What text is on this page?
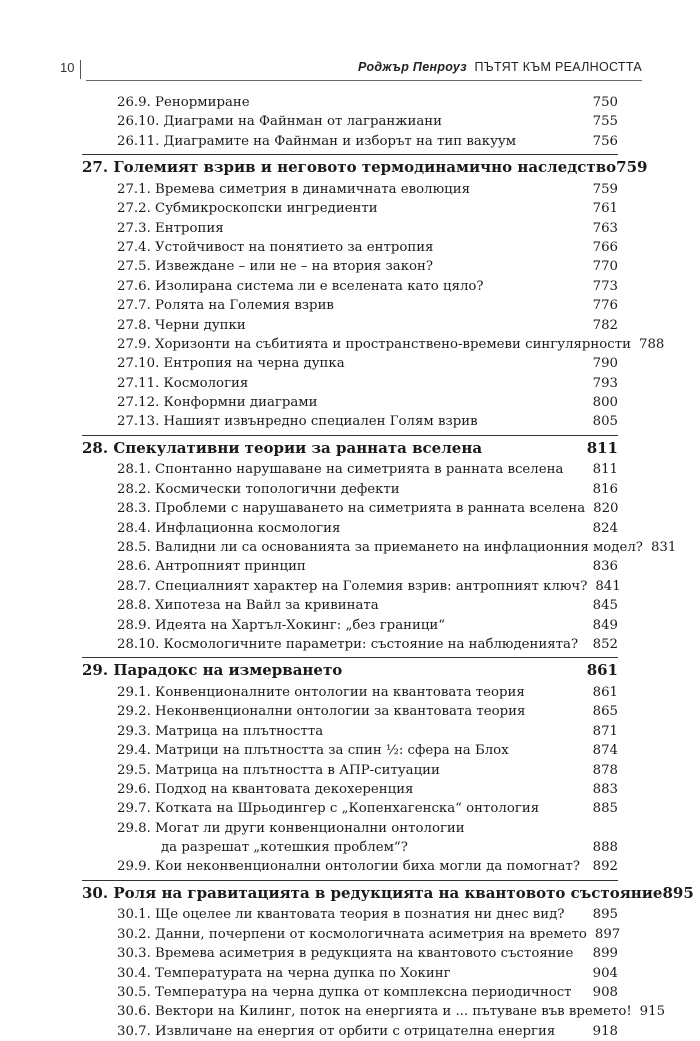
10	Роджър Пенроуз ПЪТЯТ КЪМ РЕАЛНОСТТА
26.9. Ренормиране	750
26.10. Диаграми на Файнман от лагранжиани	755
26.11. Диаграмите на Файнман и изборът на тип вакуум	756
27. Големият взрив и неговото термодинамично наследство 759
27.1. Времева симетрия в динамичната еволюция	759
27.2. Субмикроскопски ингредиенти	761
27.3. Ентропия	763
27.4. Устойчивост на понятието за ентропия	766
27.5. Извеждане – или не – на втория закон?	770
27.6. Изолирана система ли е вселената като цяло?	773
27.7. Ролята на Големия взрив	776
27.8. Черни дупки	782
27.9. Хоризонти на събитията и пространствено-времеви сингулярности 788
27.10. Ентропия на черна дупка	790
27.11. Космология	793
27.12. Конформни диаграми	800
27.13. Нашият извънредно специален Голям взрив	805
28. Спекулативни теории за ранната вселена	811
28.1. Спонтанно нарушаване на симетрията в ранната вселена	811
28.2. Космически топологични дефекти	816
28.3. Проблеми с нарушаването на симетрията в ранната вселена 820
28.4. Инфлационна космология	824
28.5. Валидни ли са основанията за приемането на инфлационния модел? 831
28.6. Антропният принцип	836
28.7. Специалният характер на Големия взрив: антропният ключ? 841
28.8. Хипотеза на Вайл за кривината	845
28.9. Идеята на Хартъл-Хокинг: „без граници“	849
28.10. Космологичните параметри: състояние на наблюденията?	852
29. Парадокс на измерването	861
29.1. Конвенционалните онтологии на квантовата теория	861
29.2. Неконвенционални онтологии за квантовата теория	865
29.3. Матрица на плътността	871
29.4. Матрици на плътността за спин ½: сфера на Блох	874
29.5. Матрица на плътността в АПР-ситуации	878
29.6. Подход на квантовата декохеренция	883
29.7. Котката на Шрьодингер с „Копенхагенска“ онтология	885
29.8. Могат ли други конвенционални онтологии
да разрешат „котешкия проблем“?	888
29.9. Кои неконвенционални онтологии биха могли да помогнат? 892
30. Роля на гравитацията в редукцията на квантовото състояние 895
30.1. Ще оцелее ли квантовата теория в познатия ни днес вид?	895
30.2. Данни, почерпени от космологичната асиметрия на времето 897
30.3. Времева асиметрия в редукцията на квантовото състояние	899
30.4. Температурата на черна дупка по Хокинг	904
30.5. Температура на черна дупка от комплексна периодичност	908
30.6. Вектори на Килинг, поток на енергията и ... пътуване във времето! 915
30.7. Извличане на енергия от орбити с отрицателна енергия	918
